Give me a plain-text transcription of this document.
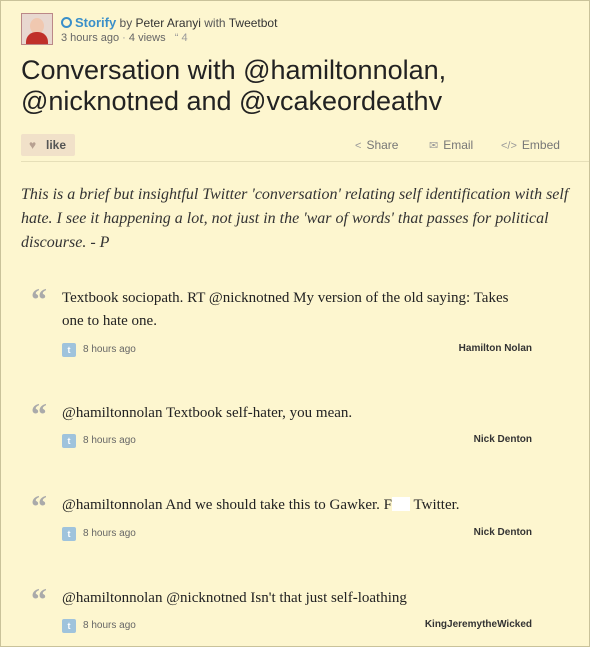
Storify by Peter Aranyi with Tweetbot
3 hours ago · 4 views   “ 4
Conversation with @hamiltonnolan,
@nicknotned and @vcakeordeathv
♥ like	< Share	✉ Email	</> Embed
This is a brief but insightful Twitter 'conversation' relating self identification with self hate. I see it happening a lot, not just in the 'war of words' that passes for political discourse. - P
“ Textbook sociopath. RT @nicknotned My version of the old saying: Takes one to hate one.
t	8 hours ago	Hamilton Nolan
“ @hamiltonnolan Textbook self-hater, you mean.
t	8 hours ago	Nick Denton
“ @hamiltonnolan And we should take this to Gawker. F Twitter.
t	8 hours ago	Nick Denton
“ @hamiltonnolan @nicknotned Isn't that just self-loathing
t	8 hours ago	KingJeremytheWicked
